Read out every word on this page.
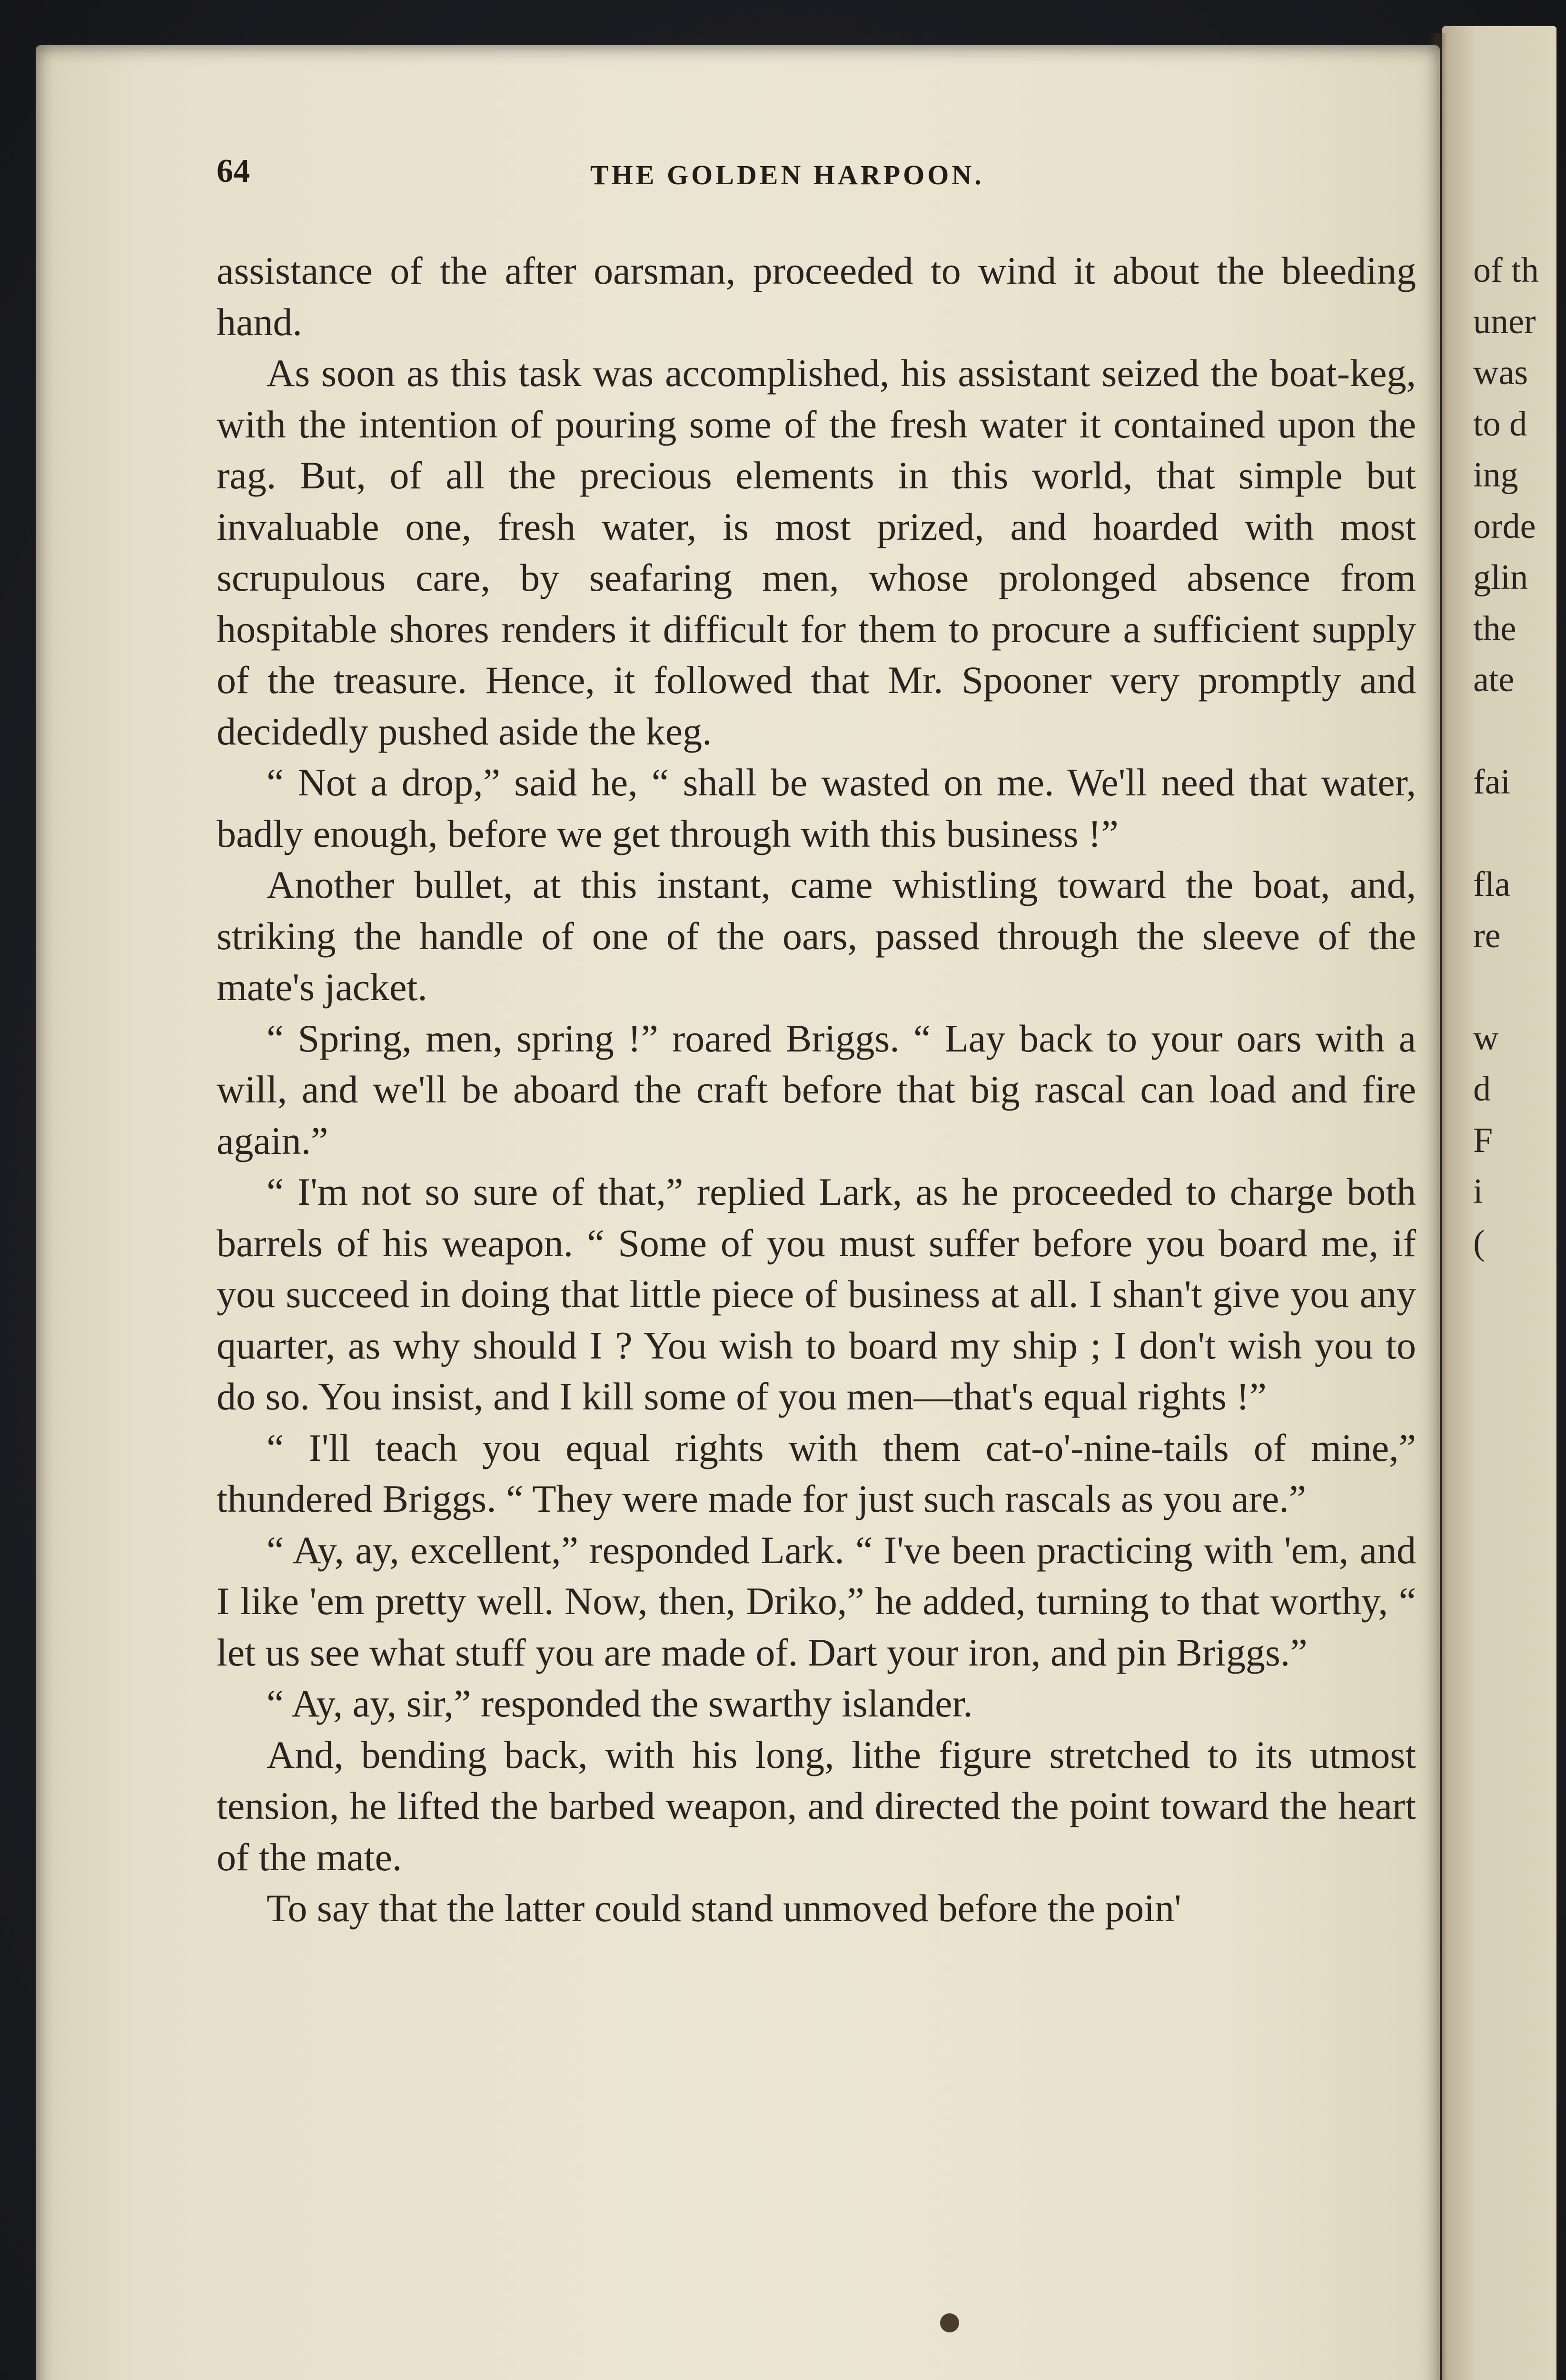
64	THE GOLDEN HARPOON.

assistance of the after oarsman, proceeded to wind it about the bleeding hand.

As soon as this task was accomplished, his assistant seized the boat-keg, with the intention of pouring some of the fresh water it contained upon the rag. But, of all the precious elements in this world, that simple but invaluable one, fresh water, is most prized, and hoarded with most scrupulous care, by seafaring men, whose prolonged absence from hospitable shores renders it difficult for them to procure a sufficient supply of the treasure. Hence, it followed that Mr. Spooner very promptly and decidedly pushed aside the keg.

“ Not a drop,” said he, “ shall be wasted on me. We'll need that water, badly enough, before we get through with this business !”

Another bullet, at this instant, came whistling toward the boat, and, striking the handle of one of the oars, passed through the sleeve of the mate's jacket.

“ Spring, men, spring !” roared Briggs. “ Lay back to your oars with a will, and we'll be aboard the craft before that big rascal can load and fire again.”

“ I'm not so sure of that,” replied Lark, as he proceeded to charge both barrels of his weapon. “ Some of you must suffer before you board me, if you succeed in doing that little piece of business at all. I shan't give you any quarter, as why should I ? You wish to board my ship ; I don't wish you to do so. You insist, and I kill some of you men—that's equal rights !”

“ I'll teach you equal rights with them cat-o'-nine-tails of mine,” thundered Briggs. “ They were made for just such rascals as you are.”

“ Ay, ay, excellent,” responded Lark. “ I've been practicing with 'em, and I like 'em pretty well. Now, then, Driko,” he added, turning to that worthy, “ let us see what stuff you are made of. Dart your iron, and pin Briggs.”

“ Ay, ay, sir,” responded the swarthy islander.

And, bending back, with his long, lithe figure stretched to its utmost tension, he lifted the barbed weapon, and directed the point toward the heart of the mate.

To say that the latter could stand unmoved before the poin'

of th
uner
was
to d
ing
orde
glin
the
ate
fai
fla
re
w
d
F
i
(
